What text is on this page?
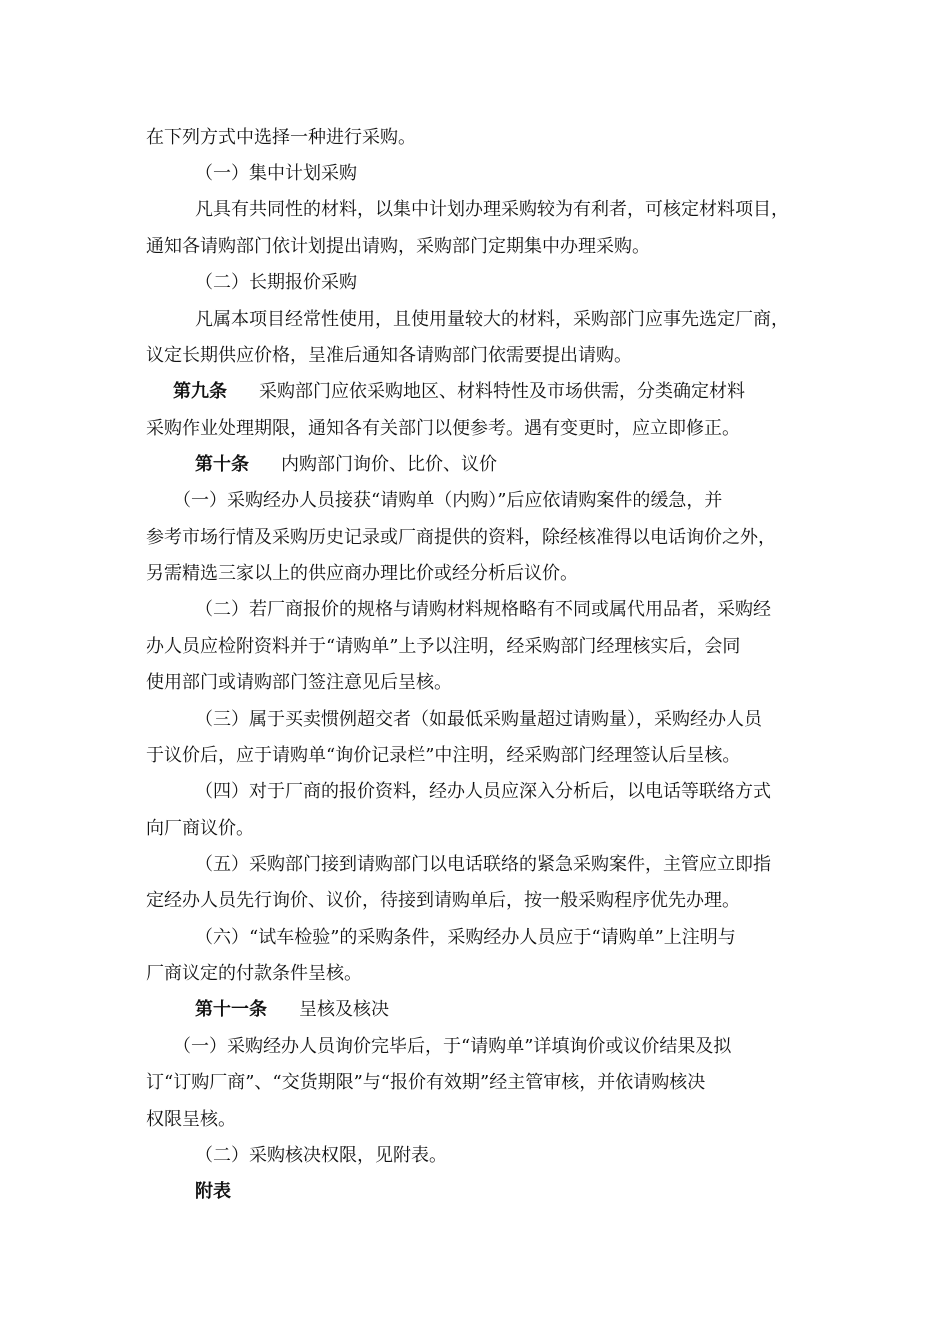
在下列方式中选择一种进行采购。
（一）集中计划采购
凡具有共同性的材料，以集中计划办理采购较为有利者，可核定材料项目，
通知各请购部门依计划提出请购，采购部门定期集中办理采购。
（二）长期报价采购
凡属本项目经常性使用，且使用量较大的材料，采购部门应事先选定厂商，
议定长期供应价格，呈准后通知各请购部门依需要提出请购。
第九条 采购部门应依采购地区、材料特性及市场供需，分类确定材料
采购作业处理期限，通知各有关部门以便参考。遇有变更时，应立即修正。
第十条 内购部门询价、比价、议价
（一）采购经办人员接获“请购单（内购）”后应依请购案件的缓急，并
参考市场行情及采购历史记录或厂商提供的资料，除经核准得以电话询价之外，
另需精选三家以上的供应商办理比价或经分析后议价。
（二）若厂商报价的规格与请购材料规格略有不同或属代用品者，采购经
办人员应检附资料并于“请购单”上予以注明，经采购部门经理核实后，会同
使用部门或请购部门签注意见后呈核。
（三）属于买卖惯例超交者（如最低采购量超过请购量），采购经办人员
于议价后，应于请购单“询价记录栏”中注明，经采购部门经理签认后呈核。
（四）对于厂商的报价资料，经办人员应深入分析后，以电话等联络方式
向厂商议价。
（五）采购部门接到请购部门以电话联络的紧急采购案件，主管应立即指
定经办人员先行询价、议价，待接到请购单后，按一般采购程序优先办理。
（六）“试车检验”的采购条件，采购经办人员应于“请购单”上注明与
厂商议定的付款条件呈核。
第十一条 呈核及核决
（一）采购经办人员询价完毕后，于“请购单”详填询价或议价结果及拟
订“订购厂商”、“交货期限”与“报价有效期”经主管审核，并依请购核决
权限呈核。
（二）采购核决权限，见附表。
附表
